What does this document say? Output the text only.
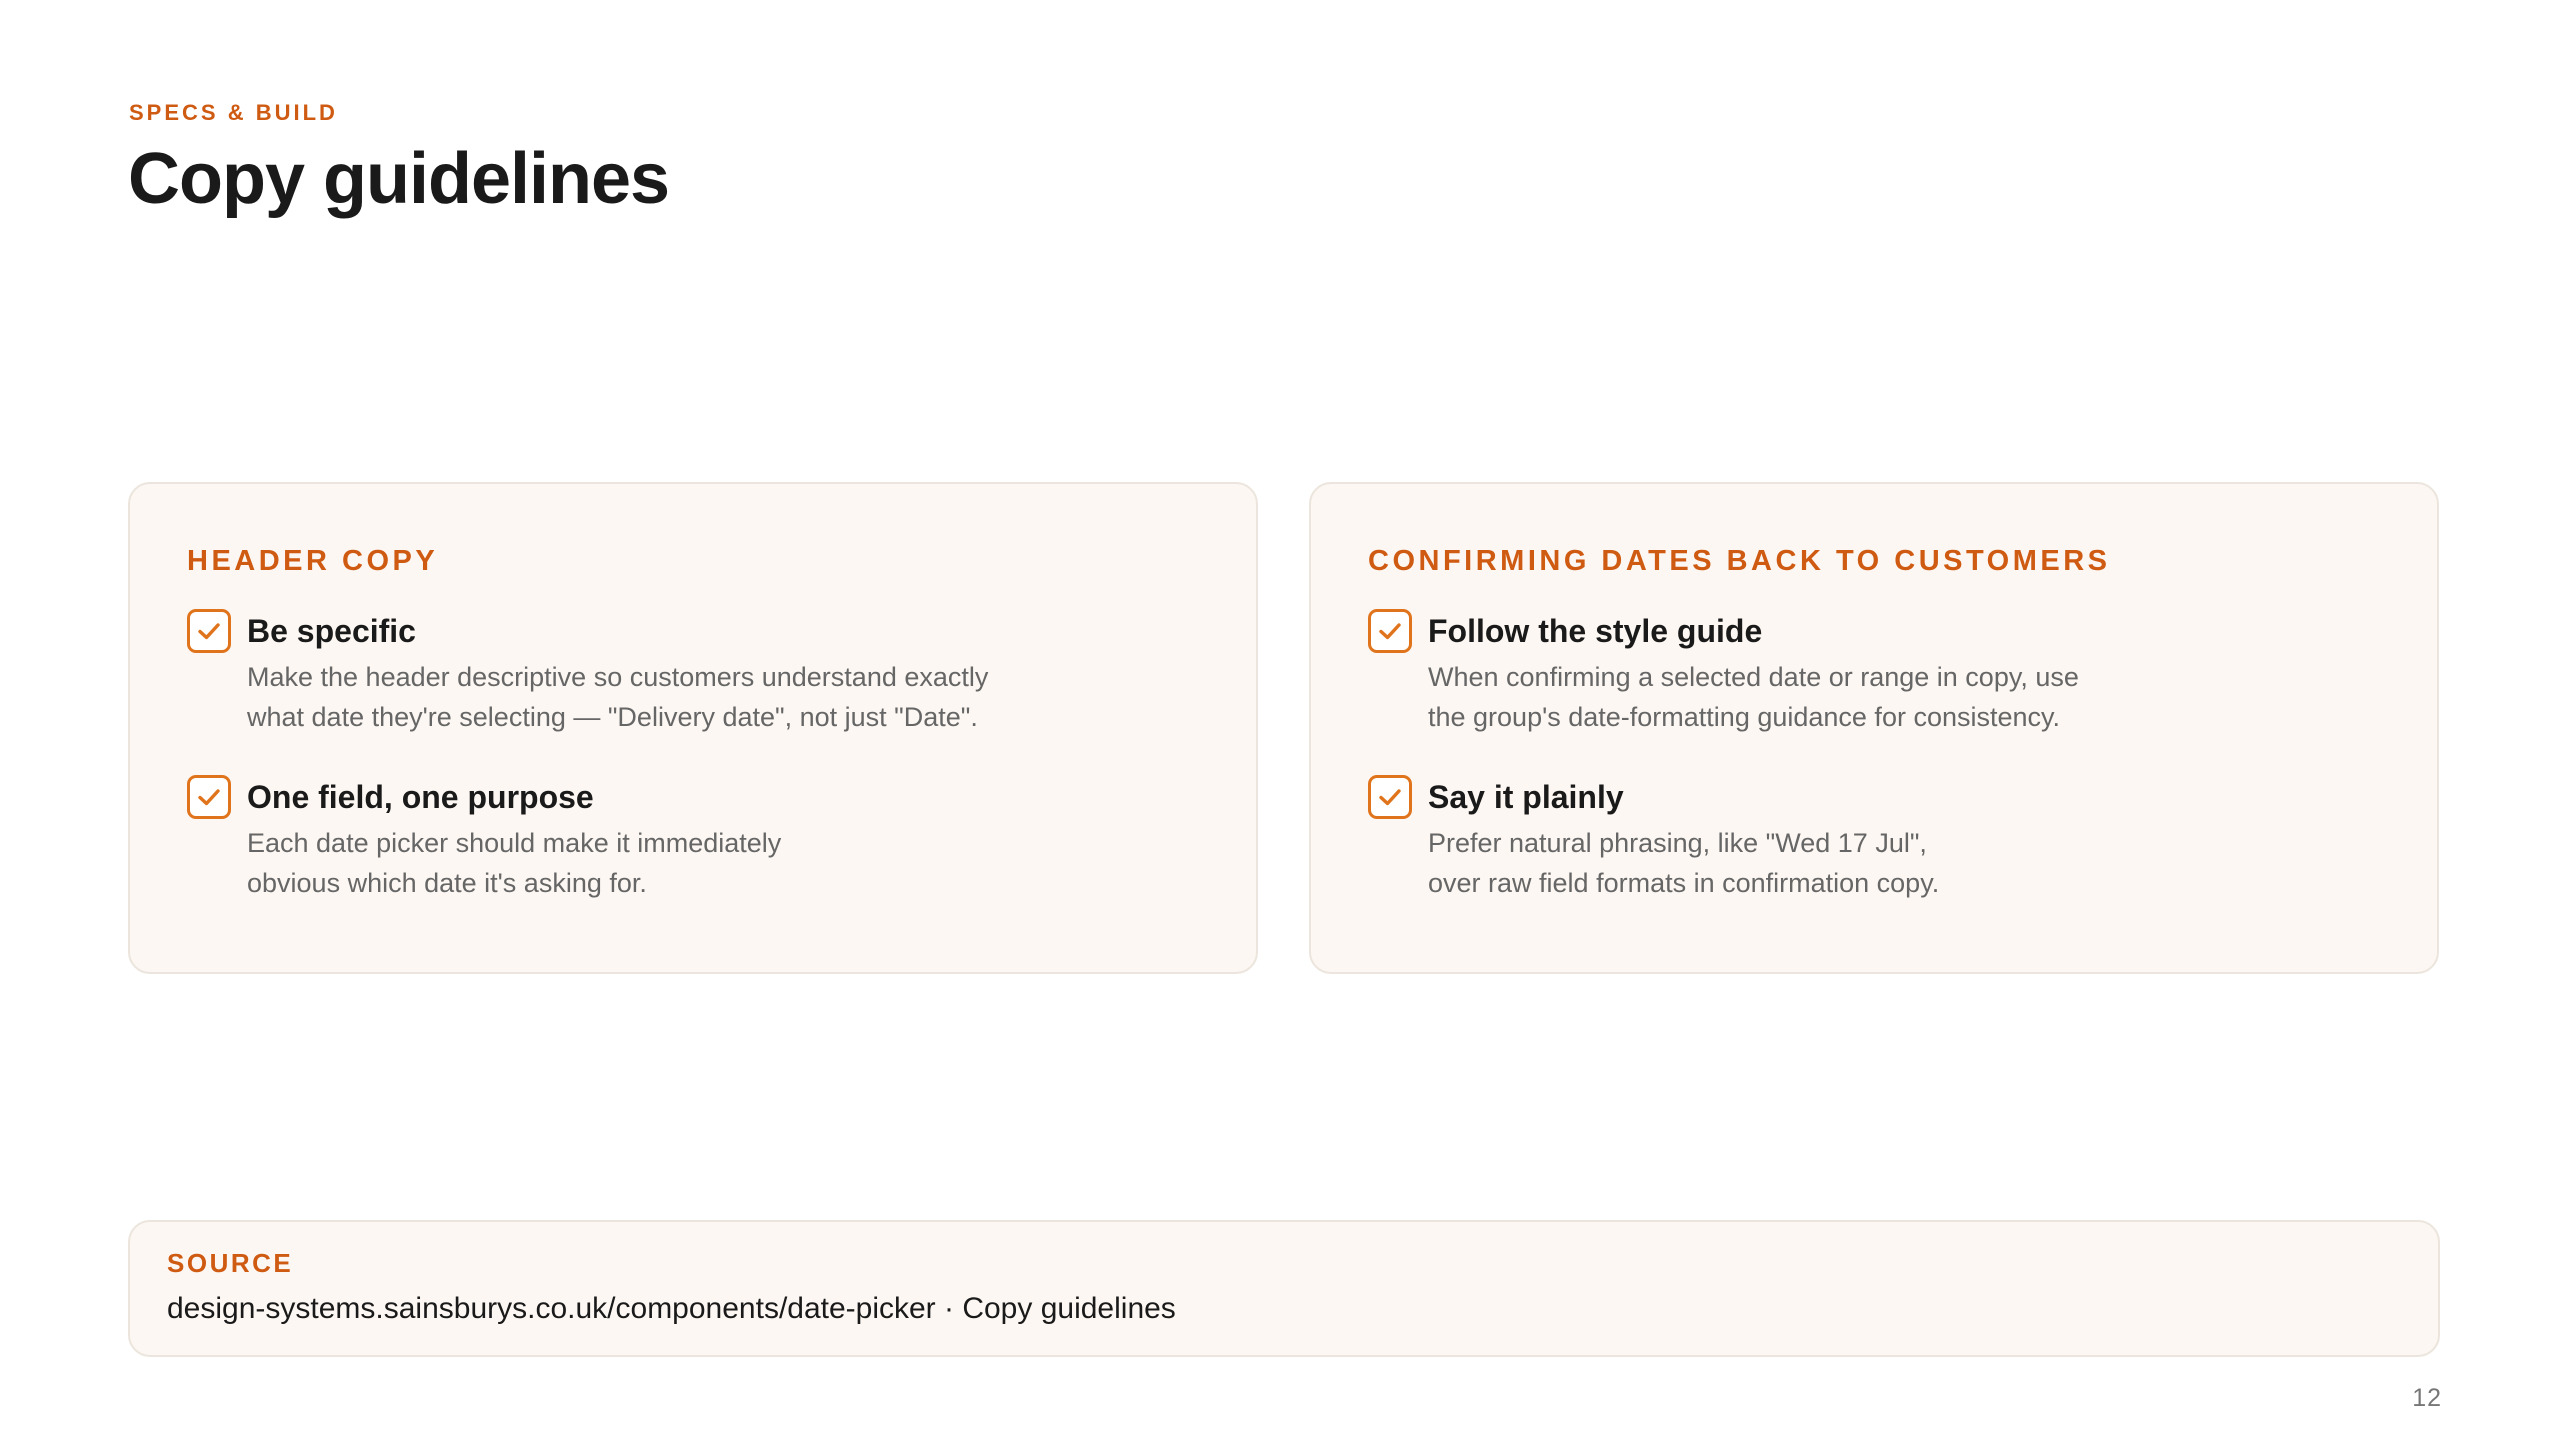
SPECS & BUILD
Copy guidelines
HEADER COPY
Be specific
Make the header descriptive so customers understand exactly
what date they're selecting — "Delivery date", not just "Date".
One field, one purpose
Each date picker should make it immediately
obvious which date it's asking for.
CONFIRMING DATES BACK TO CUSTOMERS
Follow the style guide
When confirming a selected date or range in copy, use
the group's date-formatting guidance for consistency.
Say it plainly
Prefer natural phrasing, like "Wed 17 Jul",
over raw field formats in confirmation copy.
SOURCE
design-systems.sainsburys.co.uk/components/date-picker · Copy guidelines
12
